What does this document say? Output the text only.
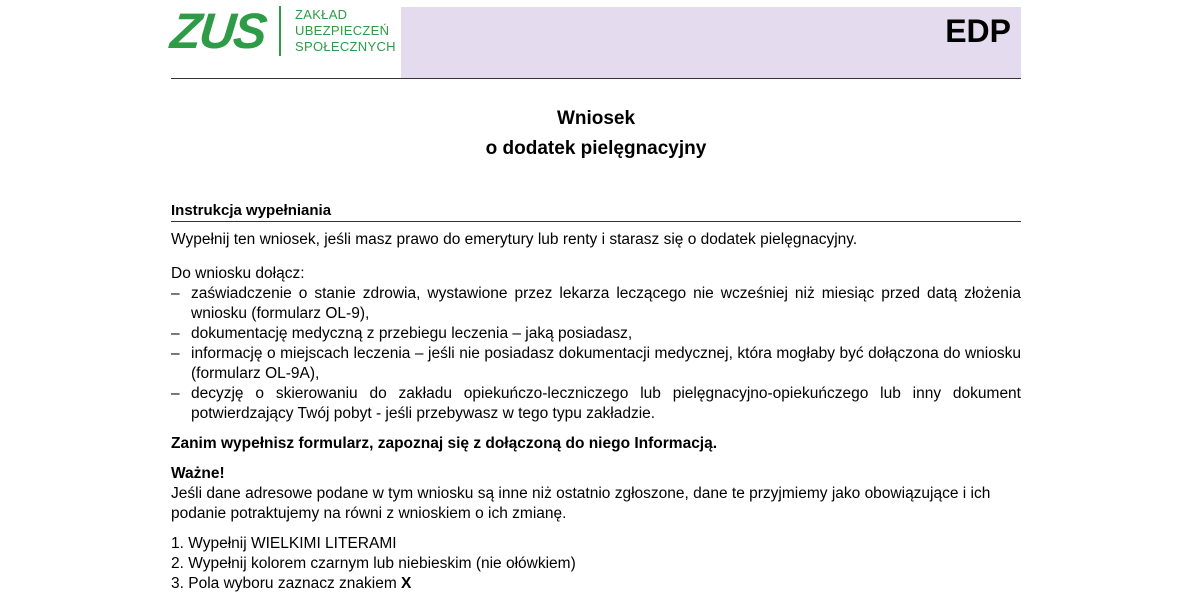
ZUS ZAKŁAD
UBEZPIECZEŃ
SPOŁECZNYCH	EDP
Wniosek
o dodatek pielęgnacyjny
Instrukcja wypełniania
Wypełnij ten wniosek, jeśli masz prawo do emerytury lub renty i starasz się o dodatek pielęgnacyjny.
Do wniosku dołącz:
– zaświadczenie o stanie zdrowia, wystawione przez lekarza leczącego nie wcześniej niż miesiąc przed datą złożenia wniosku (formularz OL-9),
– dokumentację medyczną z przebiegu leczenia – jaką posiadasz,
– informację o miejscach leczenia – jeśli nie posiadasz dokumentacji medycznej, która mogłaby być dołączona do wniosku (formularz OL-9A),
– decyzję o skierowaniu do zakładu opiekuńczo-leczniczego lub pielęgnacyjno-opiekuńczego lub inny dokument potwierdzający Twój pobyt - jeśli przebywasz w tego typu zakładzie.
Zanim wypełnisz formularz, zapoznaj się z dołączoną do niego Informacją.
Ważne!
Jeśli dane adresowe podane w tym wniosku są inne niż ostatnio zgłoszone, dane te przyjmiemy jako obowiązujące i ich podanie potraktujemy na równi z wnioskiem o ich zmianę.
1. Wypełnij WIELKIMI LITERAMI
2. Wypełnij kolorem czarnym lub niebieskim (nie ołówkiem)
3. Pola wyboru zaznacz znakiem X
